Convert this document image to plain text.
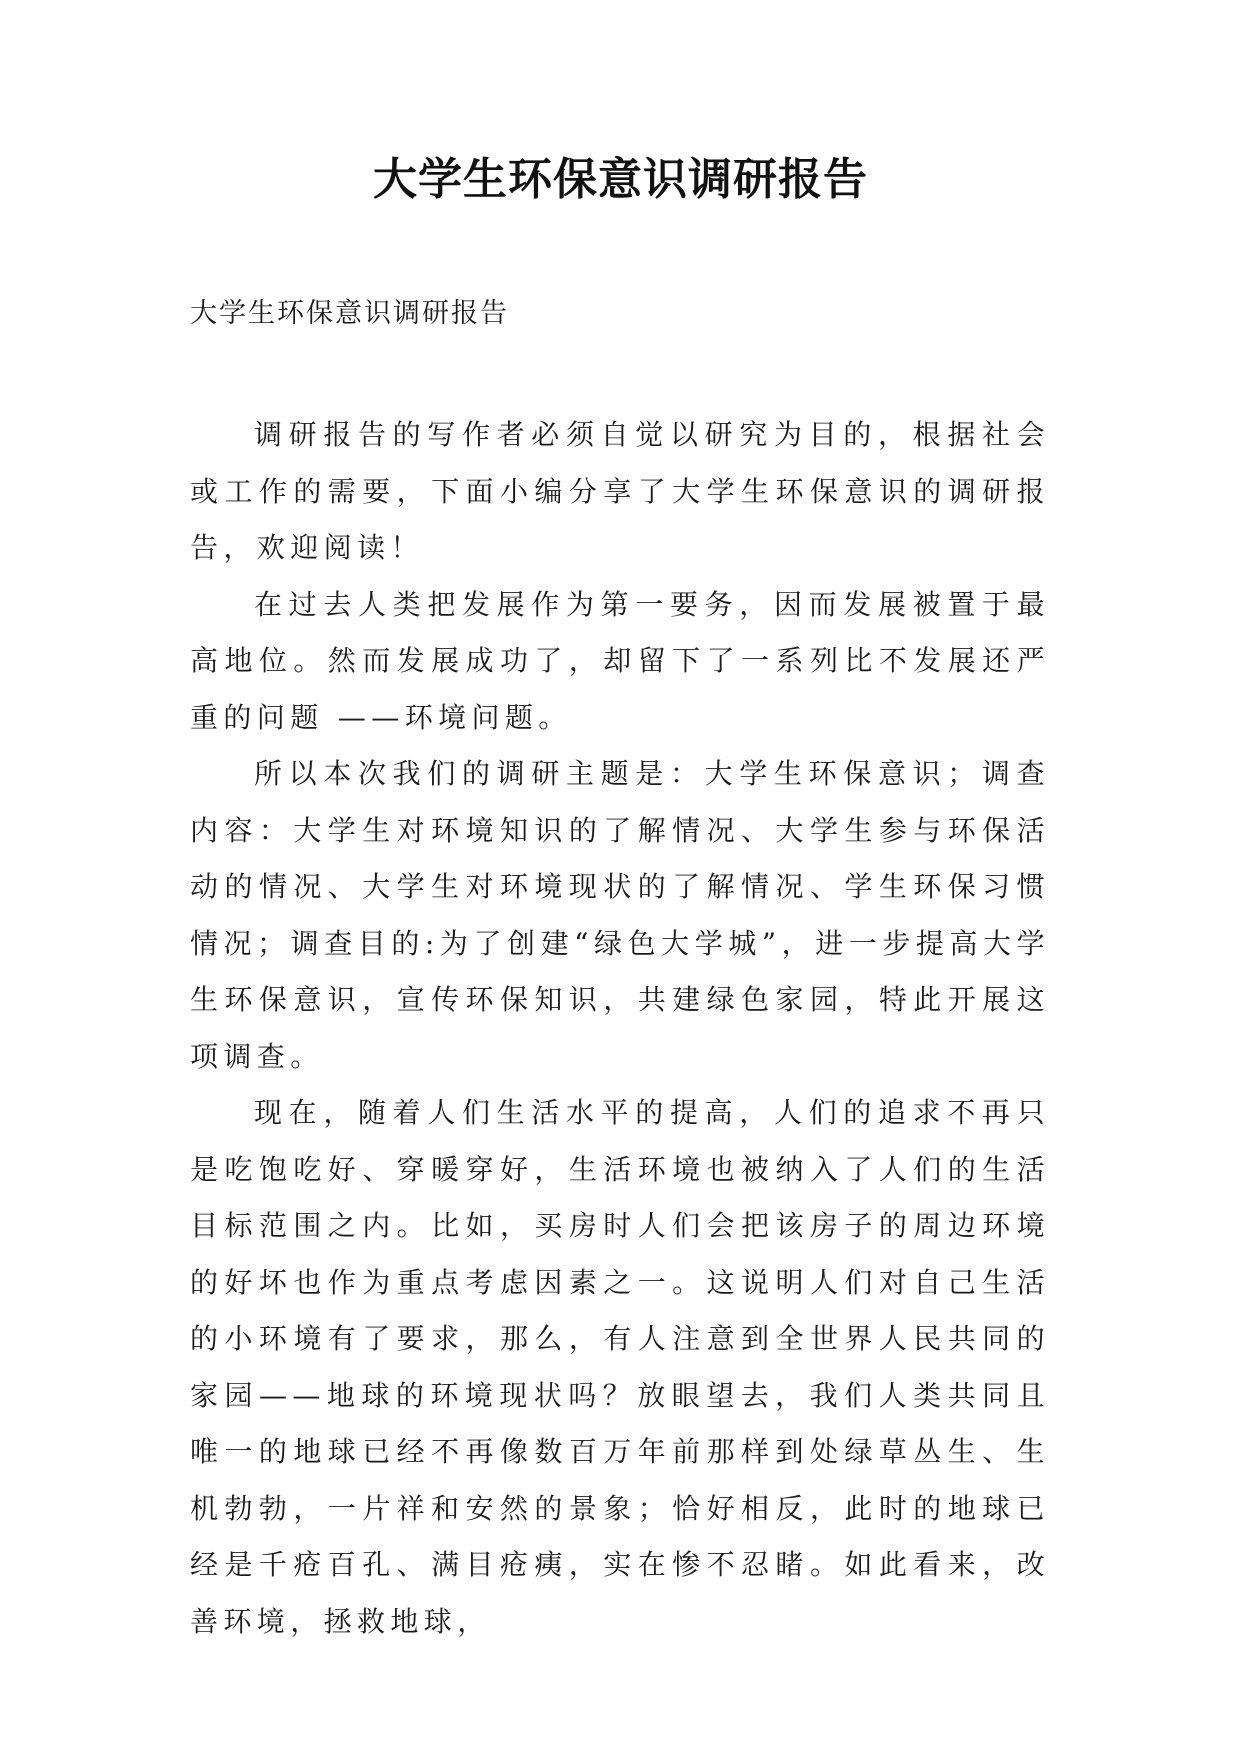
大学生环保意识调研报告

大学生环保意识调研报告

调研报告的写作者必须自觉以研究为目的，根据社会或工作的需要，下面小编分享了大学生环保意识的调研报告，欢迎阅读！

在过去人类把发展作为第一要务，因而发展被置于最高地位。然而发展成功了，却留下了一系列比不发展还严重的问题 ——环境问题。

所以本次我们的调研主题是：大学生环保意识；调查内容：大学生对环境知识的了解情况、大学生参与环保活动的情况、大学生对环境现状的了解情况、学生环保习惯情况；调查目的:为了创建“绿色大学城”，进一步提高大学生环保意识，宣传环保知识，共建绿色家园，特此开展这项调查。

现在，随着人们生活水平的提高，人们的追求不再只是吃饱吃好、穿暖穿好，生活环境也被纳入了人们的生活目标范围之内。比如，买房时人们会把该房子的周边环境的好坏也作为重点考虑因素之一。这说明人们对自己生活的小环境有了要求，那么，有人注意到全世界人民共同的家园——地球的环境现状吗？放眼望去，我们人类共同且唯一的地球已经不再像数百万年前那样到处绿草丛生、生机勃勃，一片祥和安然的景象；恰好相反，此时的地球已经是千疮百孔、满目疮痍，实在惨不忍睹。如此看来，改善环境，拯救地球，
